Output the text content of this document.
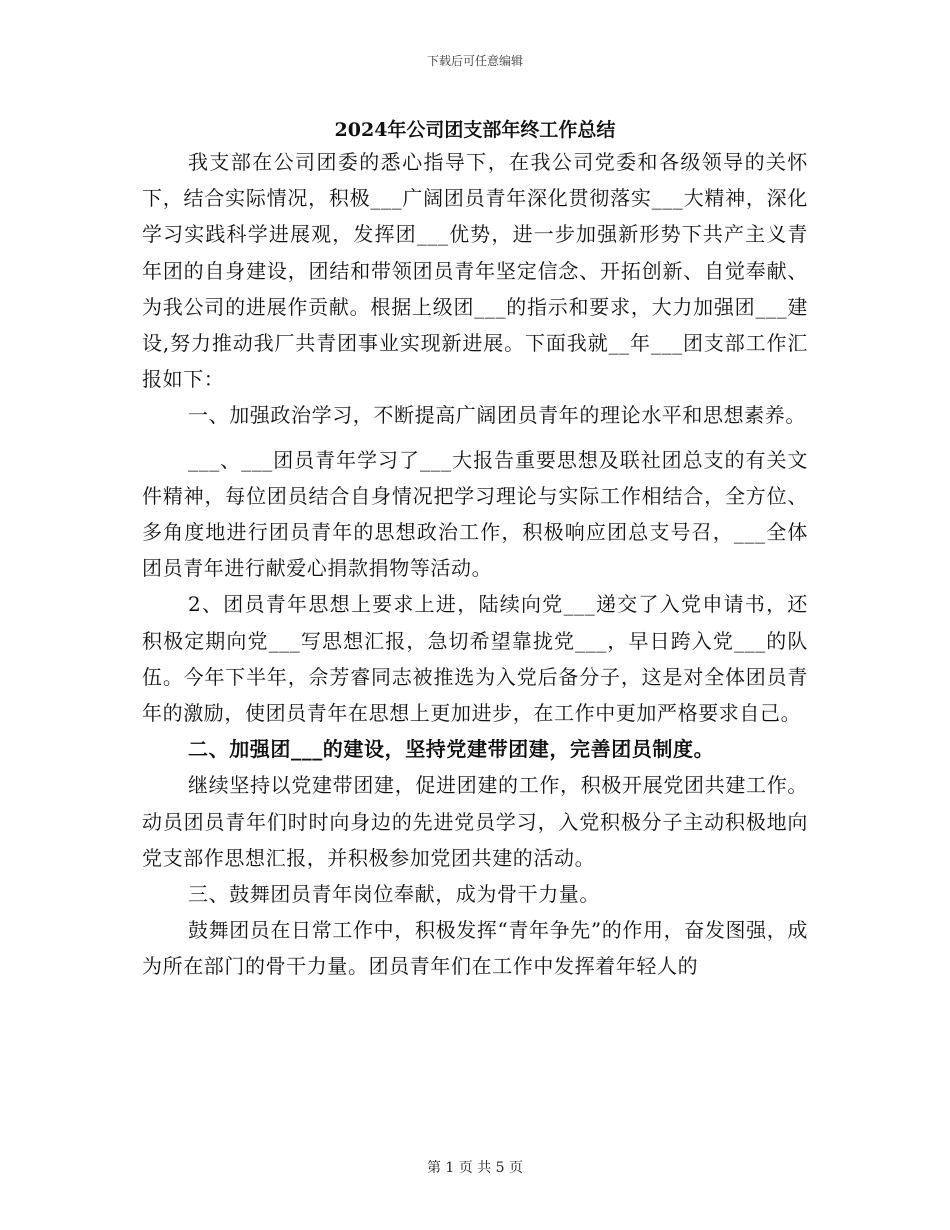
下载后可任意编辑
2024年公司团支部年终工作总结

我支部在公司团委的悉心指导下，在我公司党委和各级领导的关怀下，结合实际情况，积极___广阔团员青年深化贯彻落实___大精神，深化学习实践科学进展观，发挥团___优势，进一步加强新形势下共产主义青年团的自身建设，团结和带领团员青年坚定信念、开拓创新、自觉奉献、为我公司的进展作贡献。根据上级团___的指示和要求，大力加强团___建设,努力推动我厂共青团事业实现新进展。下面我就__年___团支部工作汇报如下：

一、加强政治学习，不断提高广阔团员青年的理论水平和思想素养。

___、___团员青年学习了___大报告重要思想及联社团总支的有关文件精神，每位团员结合自身情况把学习理论与实际工作相结合，全方位、多角度地进行团员青年的思想政治工作，积极响应团总支号召，___全体团员青年进行献爱心捐款捐物等活动。

2、团员青年思想上要求上进，陆续向党___递交了入党申请书，还积极定期向党___写思想汇报，急切希望靠拢党___，早日跨入党___的队伍。今年下半年，佘芳睿同志被推选为入党后备分子，这是对全体团员青年的激励，使团员青年在思想上更加进步，在工作中更加严格要求自己。

二、加强团___的建设，坚持党建带团建，完善团员制度。

继续坚持以党建带团建，促进团建的工作，积极开展党团共建工作。动员团员青年们时时向身边的先进党员学习，入党积极分子主动积极地向党支部作思想汇报，并积极参加党团共建的活动。

三、鼓舞团员青年岗位奉献，成为骨干力量。

鼓舞团员在日常工作中，积极发挥“青年争先”的作用，奋发图强，成为所在部门的骨干力量。团员青年们在工作中发挥着年轻人的

第 1 页 共 5 页
